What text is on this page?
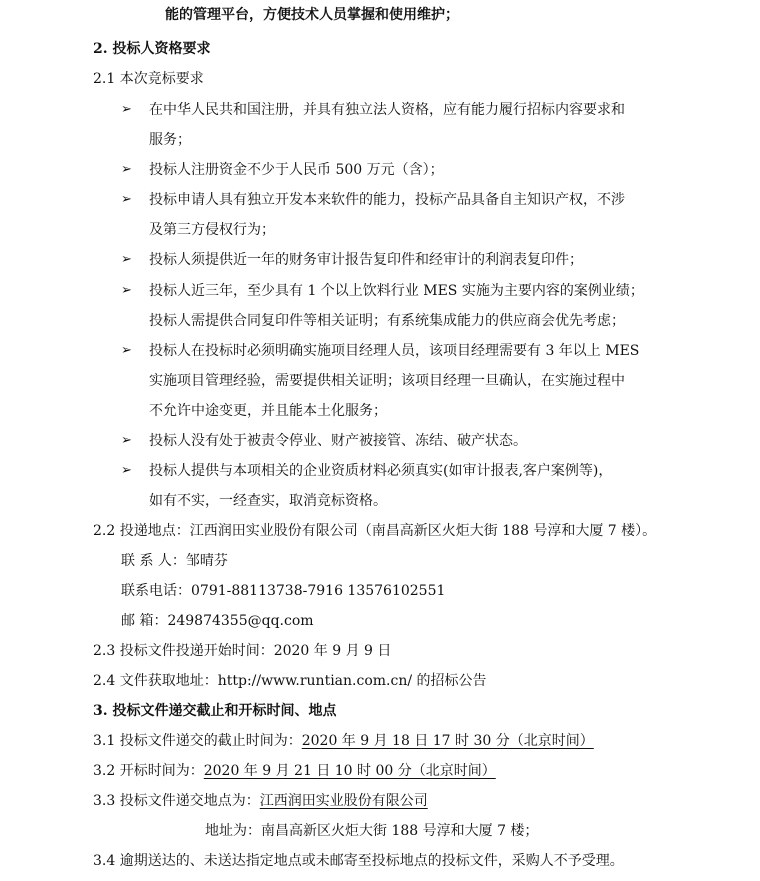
能的管理平台，方便技术人员掌握和使用维护；
2. 投标人资格要求
2.1 本次竞标要求
➢ 在中华人民共和国注册，并具有独立法人资格，应有能力履行招标内容要求和
服务；
➢ 投标人注册资金不少于人民币 500 万元（含）；
➢ 投标申请人具有独立开发本来软件的能力，投标产品具备自主知识产权，不涉
及第三方侵权行为；
➢ 投标人须提供近一年的财务审计报告复印件和经审计的利润表复印件；
➢ 投标人近三年，至少具有 1 个以上饮料行业 MES 实施为主要内容的案例业绩；
投标人需提供合同复印件等相关证明；有系统集成能力的供应商会优先考虑；
➢ 投标人在投标时必须明确实施项目经理人员，该项目经理需要有 3 年以上 MES
实施项目管理经验，需要提供相关证明；该项目经理一旦确认，在实施过程中
不允许中途变更，并且能本土化服务；
➢ 投标人没有处于被责令停业、财产被接管、冻结、破产状态。
➢ 投标人提供与本项相关的企业资质材料必须真实(如审计报表,客户案例等)，
如有不实，一经查实，取消竞标资格。
2.2 投递地点：江西润田实业股份有限公司（南昌高新区火炬大街 188 号淳和大厦 7 楼）。
联 系 人：邹晴芬
联系电话：0791-88113738-7916 13576102551
邮 箱：249874355@qq.com
2.3 投标文件投递开始时间：2020 年 9 月 9 日
2.4 文件获取地址：http://www.runtian.com.cn/ 的招标公告
3. 投标文件递交截止和开标时间、地点
3.1 投标文件递交的截止时间为：2020 年 9 月 18 日 17 时 30 分（北京时间）
3.2 开标时间为：2020 年 9 月 21 日 10 时 00 分（北京时间）
3.3 投标文件递交地点为：江西润田实业股份有限公司
地址为：南昌高新区火炬大街 188 号淳和大厦 7 楼；
3.4 逾期送达的、未送达指定地点或未邮寄至投标地点的投标文件，采购人不予受理。
